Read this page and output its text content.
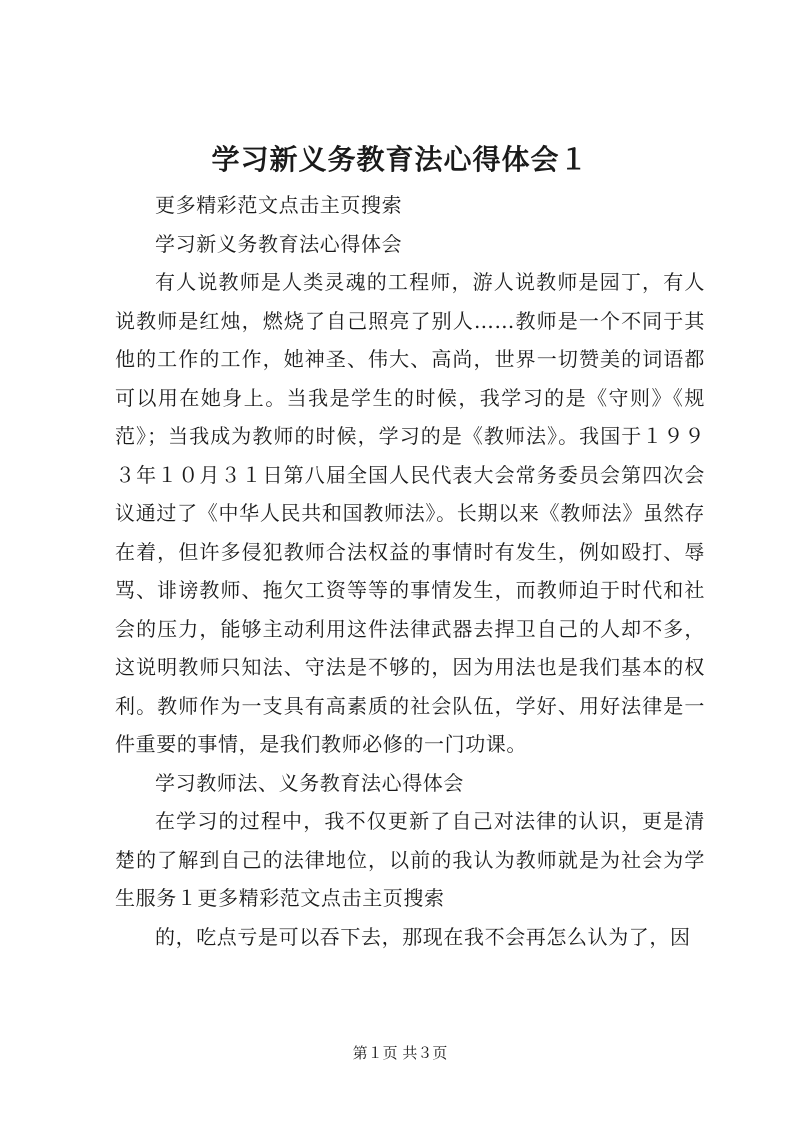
学习新义务教育法心得体会１

更多精彩范文点击主页搜索

学习新义务教育法心得体会

有人说教师是人类灵魂的工程师，游人说教师是园丁，有人说教师是红烛，燃烧了自己照亮了别人……教师是一个不同于其他的工作的工作，她神圣、伟大、高尚，世界一切赞美的词语都可以用在她身上。当我是学生的时候，我学习的是《守则》《规范》；当我成为教师的时候，学习的是《教师法》。我国于１９９３年１０月３１日第八届全国人民代表大会常务委员会第四次会议通过了《中华人民共和国教师法》。长期以来《教师法》虽然存在着，但许多侵犯教师合法权益的事情时有发生，例如殴打、辱骂、诽谤教师、拖欠工资等等的事情发生，而教师迫于时代和社会的压力，能够主动利用这件法律武器去捍卫自己的人却不多，这说明教师只知法、守法是不够的，因为用法也是我们基本的权利。教师作为一支具有高素质的社会队伍，学好、用好法律是一件重要的事情，是我们教师必修的一门功课。

学习教师法、义务教育法心得体会

在学习的过程中，我不仅更新了自己对法律的认识，更是清楚的了解到自己的法律地位，以前的我认为教师就是为社会为学生服务１更多精彩范文点击主页搜索

的，吃点亏是可以吞下去，那现在我不会再怎么认为了，因

第１页 共３页
